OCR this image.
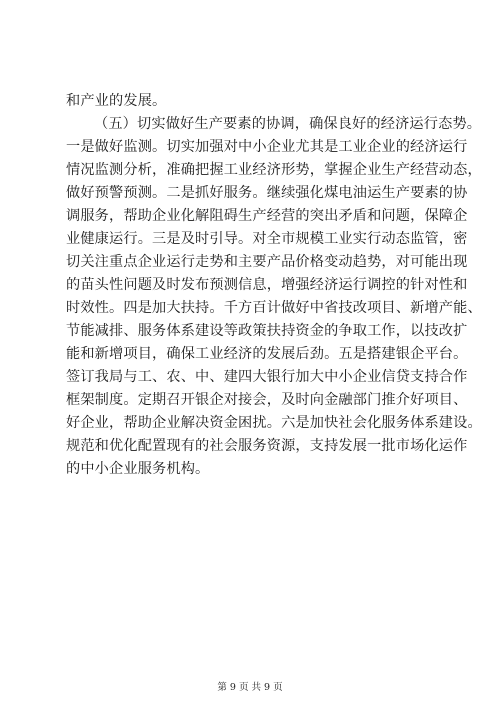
和产业的发展。
（五）切实做好生产要素的协调，确保良好的经济运行态势。
一是做好监测。切实加强对中小企业尤其是工业企业的经济运行
情况监测分析，准确把握工业经济形势，掌握企业生产经营动态，
做好预警预测。二是抓好服务。继续强化煤电油运生产要素的协
调服务，帮助企业化解阻碍生产经营的突出矛盾和问题，保障企
业健康运行。三是及时引导。对全市规模工业实行动态监管，密
切关注重点企业运行走势和主要产品价格变动趋势，对可能出现
的苗头性问题及时发布预测信息，增强经济运行调控的针对性和
时效性。四是加大扶持。千方百计做好中省技改项目、新增产能、
节能减排、服务体系建设等政策扶持资金的争取工作，以技改扩
能和新增项目，确保工业经济的发展后劲。五是搭建银企平台。
签订我局与工、农、中、建四大银行加大中小企业信贷支持合作
框架制度。定期召开银企对接会，及时向金融部门推介好项目、
好企业，帮助企业解决资金困扰。六是加快社会化服务体系建设。
规范和优化配置现有的社会服务资源，支持发展一批市场化运作
的中小企业服务机构。
第 9 页 共 9 页
